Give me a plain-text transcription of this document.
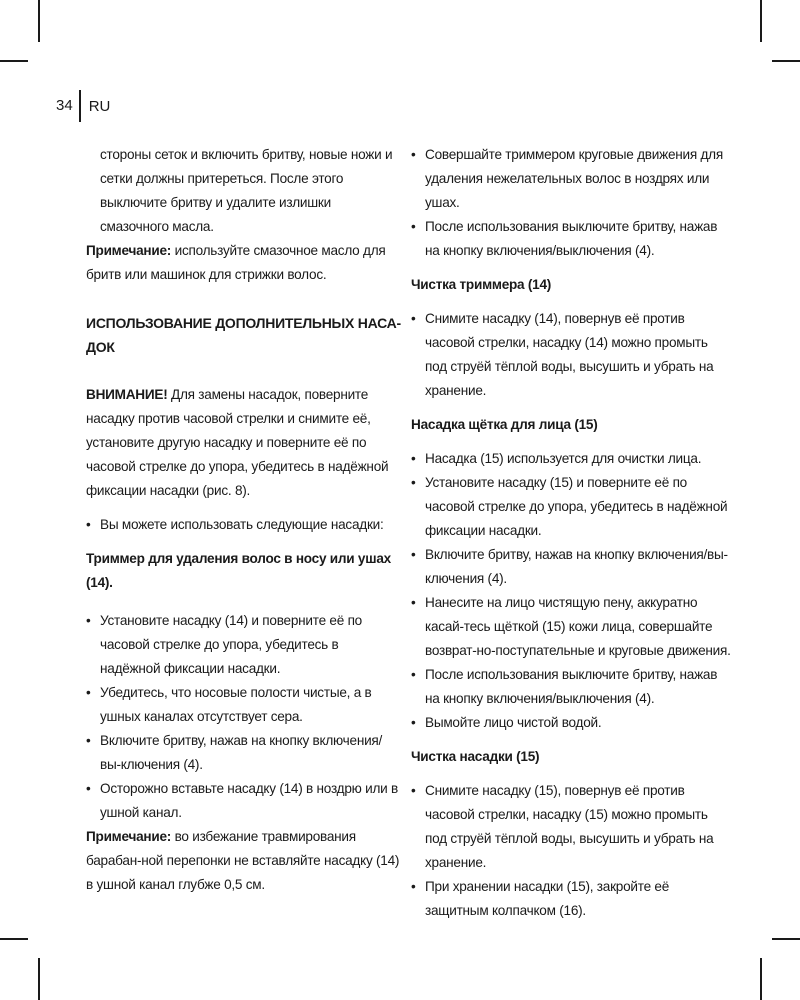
34	RU

стороны сеток и включить бритву, новые ножи и сетки должны притереться. После этого выключите бритву и удалите излишки смазочного масла.

Примечание: используйте смазочное масло для бритв или машинок для стрижки волос.

ИСПОЛЬЗОВАНИЕ ДОПОЛНИТЕЛЬНЫХ НАСА-ДОК

ВНИМАНИЕ! Для замены насадок, поверните насадку против часовой стрелки и снимите её, установите другую насадку и поверните её по часовой стрелке до упора, убедитесь в надёжной фиксации насадки (рис. 8).

• Вы можете использовать следующие насадки:

Триммер для удаления волос в носу или ушах (14).

• Установите насадку (14) и поверните её по часовой стрелке до упора, убедитесь в надёжной фиксации насадки.
• Убедитесь, что носовые полости чистые, а в ушных каналах отсутствует сера.
• Включите бритву, нажав на кнопку включения/вы-ключения (4).
• Осторожно вставьте насадку (14) в ноздрю или в ушной канал.

Примечание: во избежание травмирования барабан-ной перепонки не вставляйте насадку (14) в ушной канал глубже 0,5 см.

• Совершайте триммером круговые движения для удаления нежелательных волос в ноздрях или ушах.
• После использования выключите бритву, нажав на кнопку включения/выключения (4).

Чистка триммера (14)

• Снимите насадку (14), повернув её против часовой стрелки, насадку (14) можно промыть под струёй тёплой воды, высушить и убрать на хранение.

Насадка щётка для лица (15)

• Насадка (15) используется для очистки лица.
• Установите насадку (15) и поверните её по часовой стрелке до упора, убедитесь в надёжной фиксации насадки.
• Включите бритву, нажав на кнопку включения/вы-ключения (4).
• Нанесите на лицо чистящую пену, аккуратно касай-тесь щёткой (15) кожи лица, совершайте возврат-но-поступательные и круговые движения.
• После использования выключите бритву, нажав на кнопку включения/выключения (4).
• Вымойте лицо чистой водой.

Чистка насадки (15)

• Снимите насадку (15), повернув её против часовой стрелки, насадку (15) можно промыть под струёй тёплой воды, высушить и убрать на хранение.
• При хранении насадки (15), закройте её защитным колпачком (16).
